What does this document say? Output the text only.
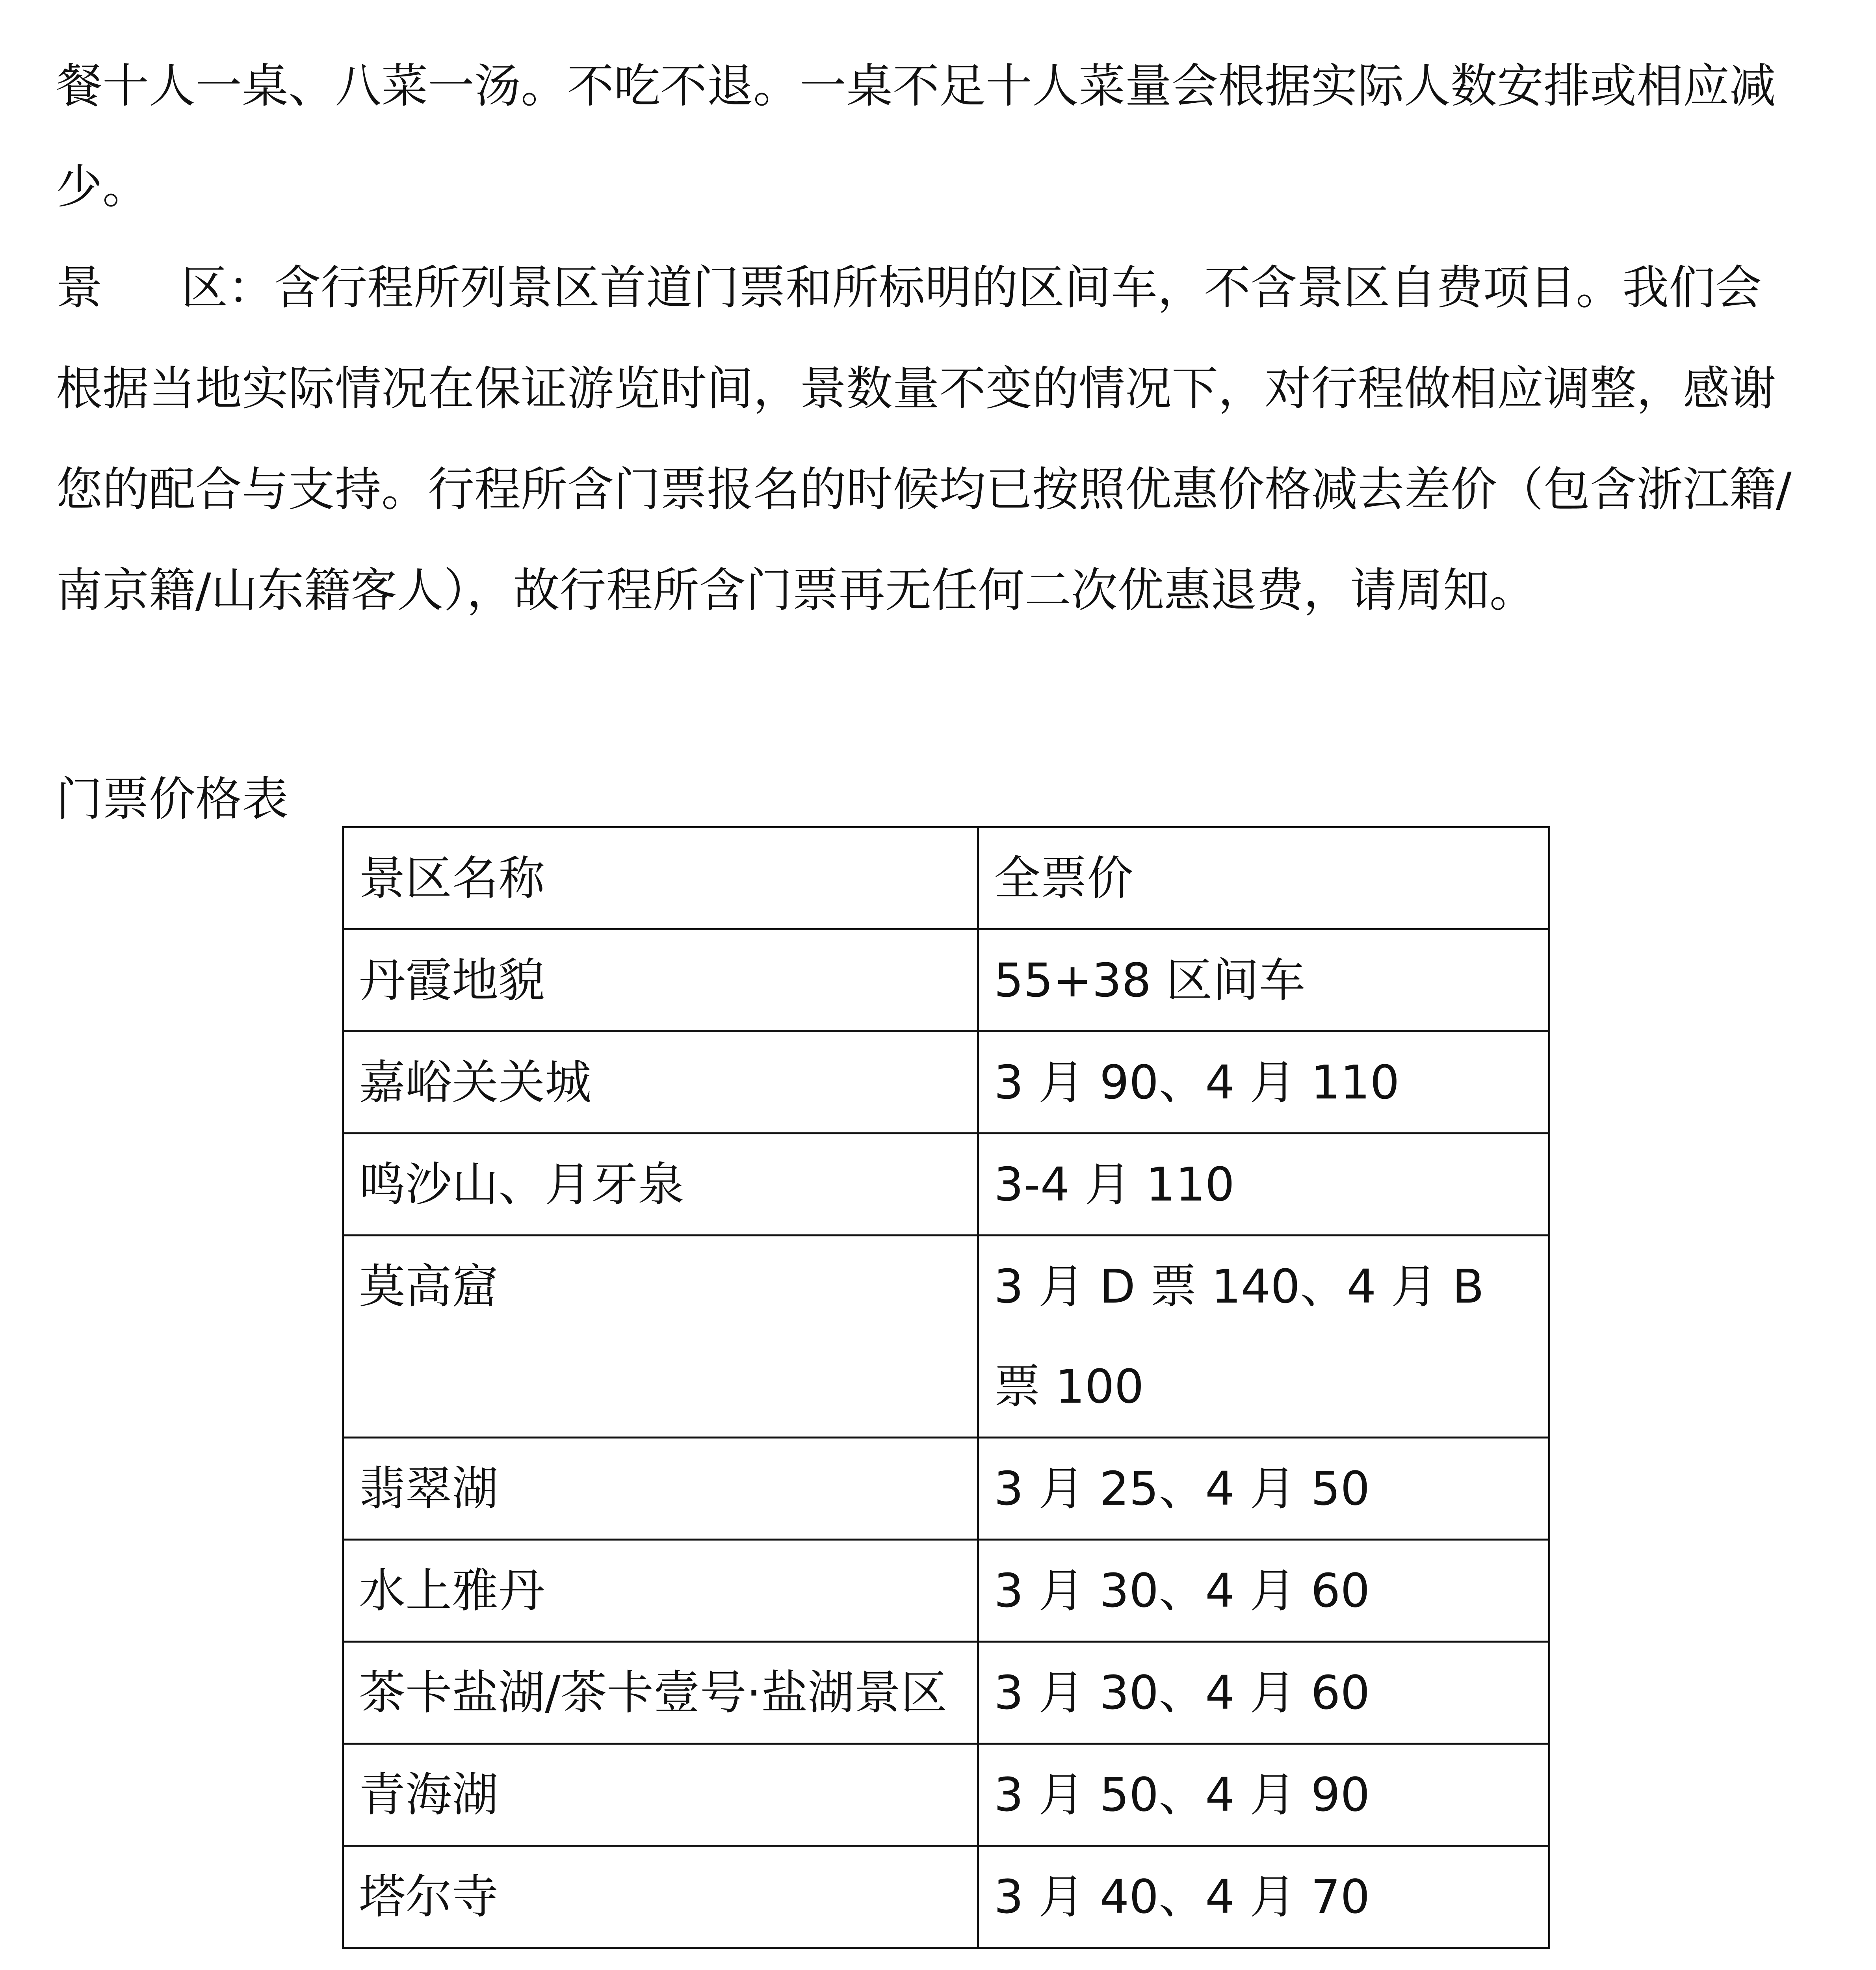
餐十人一桌、八菜一汤。不吃不退。一桌不足十人菜量会根据实际人数安排或相应减少。

景 区：含行程所列景区首道门票和所标明的区间车，不含景区自费项目。我们会根据当地实际情况在保证游览时间，景数量不变的情况下，对行程做相应调整，感谢您的配合与支持。行程所含门票报名的时候均已按照优惠价格减去差价（包含浙江籍/南京籍/山东籍客人），故行程所含门票再无任何二次优惠退费，请周知。

门票价格表

景区名称	全票价
丹霞地貌	55+38 区间车
嘉峪关关城	3 月 90、4 月 110
鸣沙山、月牙泉	3-4 月 110
莫高窟	3 月 D 票 140、4 月 B 票 100
翡翠湖	3 月 25、4 月 50
水上雅丹	3 月 30、4 月 60
茶卡盐湖/茶卡壹号·盐湖景区	3 月 30、4 月 60
青海湖	3 月 50、4 月 90
塔尔寺	3 月 40、4 月 70
